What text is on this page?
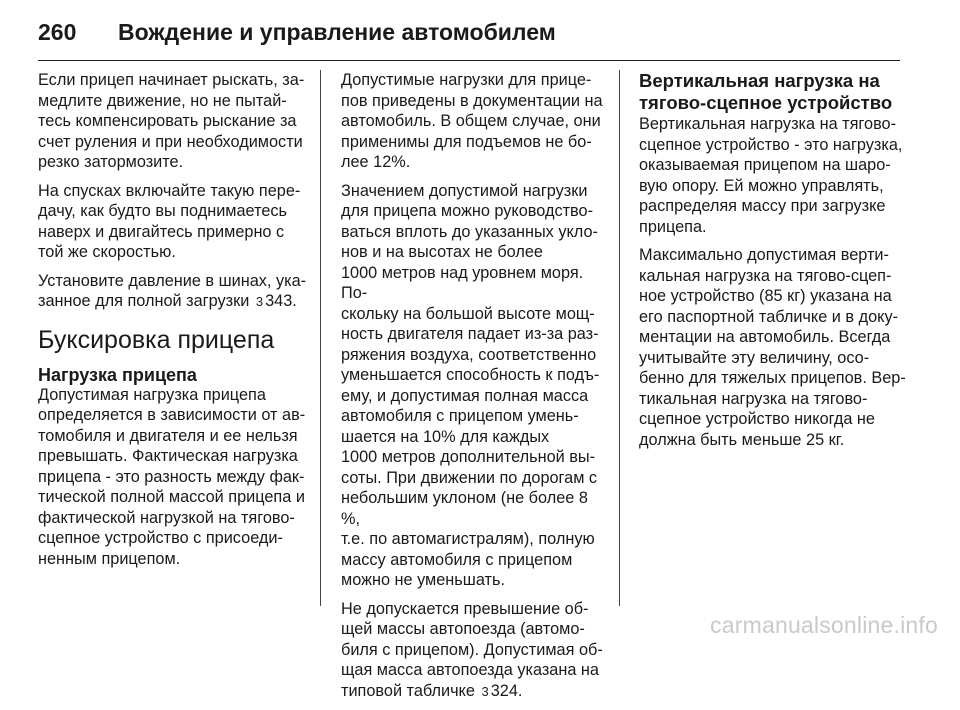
260	Вождение и управление автомобилем

Если прицеп начинает рыскать, за-
медлите движение, но не пытай-
тесь компенсировать рыскание за
счет руления и при необходимости
резко затормозите.

На спусках включайте такую пере-
дачу, как будто вы поднимаетесь
наверх и двигайтесь примерно с
той же скоростью.

Установите давление в шинах, ука-
занное для полной загрузки 3 343.

Буксировка прицепа
Нагрузка прицепа

Допустимая нагрузка прицепа
определяется в зависимости от ав-
томобиля и двигателя и ее нельзя
превышать. Фактическая нагрузка
прицепа - это разность между фак-
тической полной массой прицепа и
фактической нагрузкой на тягово-
сцепное устройство с присоеди-
ненным прицепом.

Допустимые нагрузки для прице-
пов приведены в документации на
автомобиль. В общем случае, они
применимы для подъемов не бо-
лее 12%.

Значением допустимой нагрузки
для прицепа можно руководство-
ваться вплоть до указанных укло-
нов и на высотах не более
1000 метров над уровнем моря. По-
скольку на большой высоте мощ-
ность двигателя падает из-за раз-
ряжения воздуха, соответственно
уменьшается способность к подъ-
ему, и допустимая полная масса
автомобиля с прицепом умень-
шается на 10% для каждых
1000 метров дополнительной вы-
соты. При движении по дорогам с
небольшим уклоном (не более 8 %,
т.е. по автомагистралям), полную
массу автомобиля с прицепом
можно не уменьшать.

Не допускается превышение об-
щей массы автопоезда (автомо-
биля с прицепом). Допустимая об-
щая масса автопоезда указана на
типовой табличке 3 324.

Вертикальная нагрузка на
тягово-сцепное устройство

Вертикальная нагрузка на тягово-
сцепное устройство - это нагрузка,
оказываемая прицепом на шаро-
вую опору. Ей можно управлять,
распределяя массу при загрузке
прицепа.

Максимально допустимая верти-
кальная нагрузка на тягово-сцеп-
ное устройство (85 кг) указана на
его паспортной табличке и в доку-
ментации на автомобиль. Всегда
учитывайте эту величину, осо-
бенно для тяжелых прицепов. Вер-
тикальная нагрузка на тягово-
сцепное устройство никогда не
должна быть меньше 25 кг.

carmanualsonline.info
